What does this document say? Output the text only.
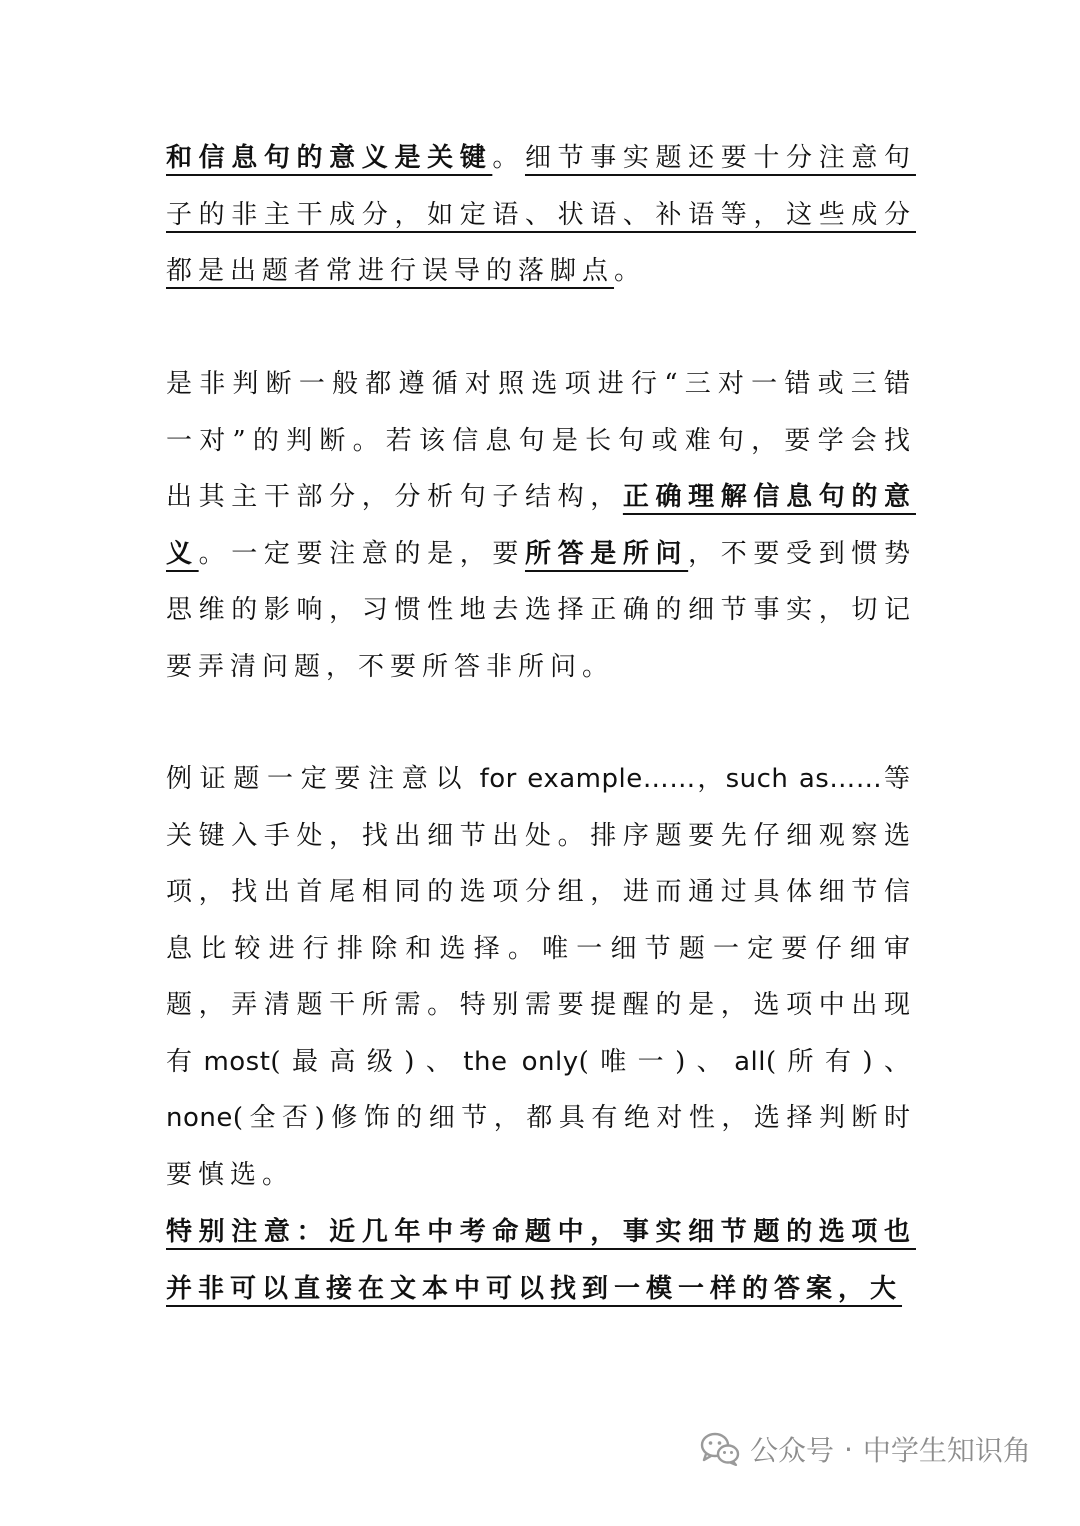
和信息句的意义是关键。细节事实题还要十分注意句子的非主干成分，如定语、状语、补语等，这些成分都是出题者常进行误导的落脚点。

是非判断一般都遵循对照选项进行“三对一错或三错一对”的判断。若该信息句是长句或难句，要学会找出其主干部分，分析句子结构，正确理解信息句的意义。一定要注意的是，要所答是所问，不要受到惯势思维的影响，习惯性地去选择正确的细节事实，切记要弄清问题，不要所答非所问。

例证题一定要注意以 for example……，such as……等关键入手处，找出细节出处。排序题要先仔细观察选项，找出首尾相同的选项分组，进而通过具体细节信息比较进行排除和选择。唯一细节题一定要仔细审题，弄清题干所需。特别需要提醒的是，选项中出现有most(最高级)、the only(唯一)、all(所有)、none(全否)修饰的细节，都具有绝对性，选择判断时要慎选。

特别注意：近几年中考命题中，事实细节题的选项也并非可以直接在文本中可以找到一模一样的答案，大

公众号 · 中学生知识角
